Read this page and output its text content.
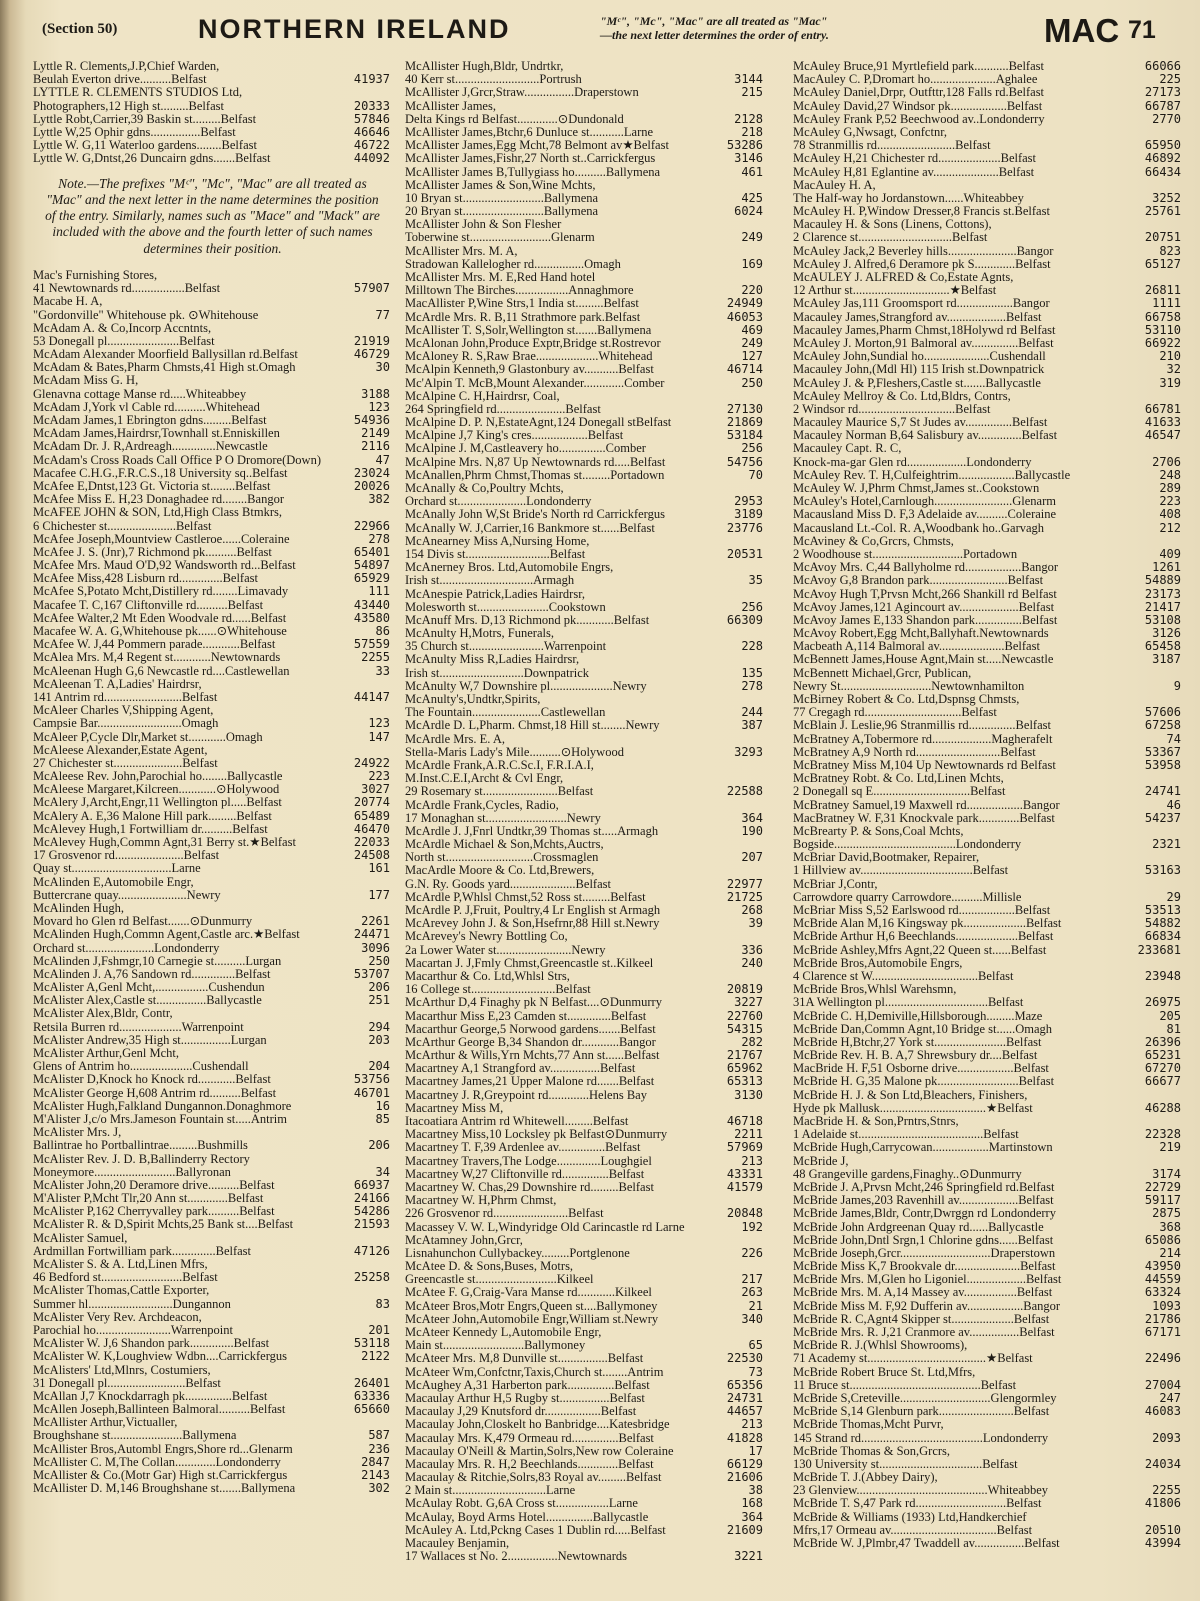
(Section 50)	NORTHERN IRELAND	"Mᶜ", "Mc", "Mac" are all treated as "Mac"
—the next letter determines the order of entry.	MAC 71
Lyttle R. Clements,J.P,Chief Warden,
Beulah Everton drive..........Belfast	41937
LYTTLE R. CLEMENTS STUDIOS Ltd,
Photographers,12 High st.........Belfast	20333
Lyttle Robt,Carrier,39 Baskin st.........Belfast	57846
Lyttle W,25 Ophir gdns................Belfast	46646
Lyttle W. G,11 Waterloo gardens........Belfast	46722
Lyttle W. G,Dntst,26 Duncairn gdns.......Belfast	44092
Note.—The prefixes "Mᶜ", "Mc", "Mac" are all treated as "Mac" and the next letter in the name determines the position of the entry. Similarly, names such as "Mace" and "Mack" are included with the above and the fourth letter of such names determines their position.
Mac's Furnishing Stores,
41 Newtownards rd.................Belfast	57907
Macabe H. A,
"Gordonville" Whitehouse pk. ⊙Whitehouse	77
McAdam A. & Co,Incorp Accntnts,
53 Donegall pl.......................Belfast	21919
McAdam Alexander Moorfield Ballysillan rd.Belfast	46729
McAdam & Bates,Pharm Chmsts,41 High st.Omagh	30
McAdam Miss G. H,
Glenavna cottage Manse rd.....Whiteabbey	3188
McAdam J,York vl Cable rd..........Whitehead	123
McAdam James,1 Ebrington gdns.........Belfast	54936
McAdam James,Hairdrsr,Townhall st.Enniskillen	2149
McAdam Dr. J. R,Ardreagh..............Newcastle	2116
McAdam's Cross Roads Call Office P O Dromore(Down)	47
Macafee C.H.G.,F.R.C.S.,18 University sq..Belfast	23024
McAfee E,Dntst,123 Gt. Victoria st........Belfast	20026
McAfee Miss E. H,23 Donaghadee rd........Bangor	382
McAFEE JOHN & SON, Ltd,High Class Btmkrs,
6 Chichester st......................Belfast	22966
McAfee Joseph,Mountview Castleroe......Coleraine	278
McAfee J. S. (Jnr),7 Richmond pk..........Belfast	65401
McAfee Mrs. Maud O'D,92 Wandsworth rd...Belfast	54897
McAfee Miss,428 Lisburn rd..............Belfast	65929
McAfee S,Potato Mcht,Distillery rd........Limavady	111
Macafee T. C,167 Cliftonville rd..........Belfast	43440
McAfee Walter,2 Mt Eden Woodvale rd......Belfast	43580
Macafee W. A. G,Whitehouse pk......⊙Whitehouse	86
McAfee W. J,44 Pommern parade............Belfast	57559
McAlea Mrs. M,4 Regent st............Newtownards	2255
McAleenan Hugh G,6 Newcastle rd....Castlewellan	33
McAleenan T. A,Ladies' Hairdrsr,
141 Antrim rd.........................Belfast	44147
McAleer Charles V,Shipping Agent,
Campsie Bar...........................Omagh	123
McAleer P,Cycle Dlr,Market st............Omagh	147
McAleese Alexander,Estate Agent,
27 Chichester st......................Belfast	24922
McAleese Rev. John,Parochial ho........Ballycastle	223
McAleese Margaret,Kilcreen............⊙Holywood	3027
McAlery J,Archt,Engr,11 Wellington pl.....Belfast	20774
McAlery A. E,36 Malone Hill park.........Belfast	65489
McAlevey Hugh,1 Fortwilliam dr..........Belfast	46470
McAlevey Hugh,Commn Agnt,31 Berry st.★Belfast	22033
17 Grosvenor rd......................Belfast	24508
Quay st................................Larne	161
McAlinden E,Automobile Engr,
Buttercrane quay......................Newry	177
McAlinden Hugh,
Movard ho Glen rd Belfast.......⊙Dunmurry	2261
McAlinden Hugh,Commn Agent,Castle arc.★Belfast	24471
Orchard st......................Londonderry	3096
McAlinden J,Fshmgr,10 Carnegie st..........Lurgan	250
McAlinden J. A,76 Sandown rd..............Belfast	53707
McAlister A,Genl Mcht,.................Cushendun	206
McAlister Alex,Castle st................Ballycastle	251
McAlister Alex,Bldr, Contr,
Retsila Burren rd....................Warrenpoint	294
McAlister Andrew,35 High st................Lurgan	203
McAlister Arthur,Genl Mcht,
Glens of Antrim ho....................Cushendall	204
McAlister D,Knock ho Knock rd............Belfast	53756
McAlister George H,608 Antrim rd..........Belfast	46701
McAlister Hugh,Falkland Dungannon.Donaghmore	16
M'Alister J,c/o Mrs.Jameson Fountain st.....Antrim	85
McAlister Mrs. J,
Ballintrae ho Portballintrae.........Bushmills	206
McAlister Rev. J. D. B,Ballinderry Rectory
Moneymore..........................Ballyronan	34
McAlister John,20 Deramore drive..........Belfast	66937
M'Alister P,Mcht Tlr,20 Ann st.............Belfast	24166
McAlister P,162 Cherryvalley park..........Belfast	54286
McAlister R. & D,Spirit Mchts,25 Bank st....Belfast	21593
McAlister Samuel,
Ardmillan Fortwilliam park..............Belfast	47126
McAlister S. & A. Ltd,Linen Mfrs,
46 Bedford st..........................Belfast	25258
McAlister Thomas,Cattle Exporter,
Summer hl...........................Dungannon	83
McAlister Very Rev. Archdeacon,
Parochial ho........................Warrenpoint	201
McAlister W. J,6 Shandon park..............Belfast	53118
McAlister W. K,Loughview Wdbn....Carrickfergus	2122
McAlisters' Ltd,Mlnrs, Costumiers,
31 Donegall pl.........................Belfast	26401
McAllan J,7 Knockdarragh pk...............Belfast	63336
McAllen Joseph,Ballinteen Balmoral..........Belfast	65660
McAllister Arthur,Victualler,
Broughshane st.......................Ballymena	587
McAllister Bros,Autombl Engrs,Shore rd...Glenarm	236
McAllister C. M,The Collan.............Londonderry	2847
McAllister & Co.(Motr Gar) High st.Carrickfergus	2143
McAllister D. M,146 Broughshane st.......Ballymena	302
McAllister Hugh,Bldr, Undrtkr,
40 Kerr st...........................Portrush	3144
McAllister J,Grcr,Straw................Draperstown	215
McAllister James,
Delta Kings rd Belfast.............⊙Dundonald	2128
McAllister James,Btchr,6 Dunluce st...........Larne	218
McAllister James,Egg Mcht,78 Belmont av★Belfast	53286
McAllister James,Fishr,27 North st..Carrickfergus	3146
McAllister James B,Tullygiass ho..........Ballymena	461
McAllister James & Son,Wine Mchts,
10 Bryan st..........................Ballymena	425
20 Bryan st..........................Ballymena	6024
McAllister John & Son Flesher
Toberwine st..........................Glenarm	249
McAllister Mrs. M. A,
Stradowan Kallelogher rd................Omagh	169
McAllister Mrs. M. E,Red Hand hotel
Milltown The Birches.................Annaghmore	220
MacAllister P,Wine Strs,1 India st.........Belfast	24949
McArdle Mrs. R. B,11 Strathmore park.Belfast	46053
McAllister T. S,Solr,Wellington st.......Ballymena	469
McAlonan John,Produce Exptr,Bridge st.Rostrevor	249
McAloney R. S,Raw Brae....................Whitehead	127
McAlpin Kenneth,9 Glastonbury av...........Belfast	46714
Mc'Alpin T. McB,Mount Alexander.............Comber	250
McAlpine C. H,Hairdrsr, Coal,
264 Springfield rd......................Belfast	27130
McAlpine D. P. N,EstateAgnt,124 Donegall stBelfast	21869
McAlpine J,7 King's cres..................Belfast	53184
McAlpine J. M,Castleavery ho...............Comber	256
McAlpine Mrs. N,87 Up Newtownards rd.....Belfast	54756
McAnallen,Phrm Chmst,Thomas st.........Portadown	70
McAnally & Co,Poultry Mchts,
Orchard st......................Londonderry	2953
McAnally John W,St Bride's North rd Carrickfergus	3189
McAnally W. J,Carrier,16 Bankmore st......Belfast	23776
McAnearney Miss A,Nursing Home,
154 Divis st...........................Belfast	20531
McAnerney Bros. Ltd,Automobile Engrs,
Irish st..............................Armagh	35
McAnespie Patrick,Ladies Hairdrsr,
Molesworth st.......................Cookstown	256
McAnuff Mrs. D,13 Richmond pk............Belfast	66309
McAnulty H,Motrs, Funerals,
35 Church st........................Warrenpoint	228
McAnulty Miss R,Ladies Hairdrsr,
Irish st...........................Downpatrick	135
McAnulty W,7 Downshire pl....................Newry	278
McAnulty's,Undtkr,Spirits,
The Fountain......................Castlewellan	244
McArdle D. L,Pharm. Chmst,18 Hill st........Newry	387
McArdle Mrs. E. A,
Stella-Maris Lady's Mile..........⊙Holywood	3293
McArdle Frank,A.R.C.Sc.I, F.R.I.A.I,
M.Inst.C.E.I,Archt & Cvl Engr,
29 Rosemary st........................Belfast	22588
McArdle Frank,Cycles, Radio,
17 Monaghan st..........................Newry	364
McArdle J. J,Fnrl Undtkr,39 Thomas st.....Armagh	190
McArdle Michael & Son,Mchts,Auctrs,
North st............................Crossmaglen	207
MacArdle Moore & Co. Ltd,Brewers,
G.N. Ry. Goods yard.....................Belfast	22977
McArdle P,Whlsl Chmst,52 Ross st.........Belfast	21725
McArdle P. J,Fruit, Poultry,4 Lr English st Armagh	268
McArevey John J. & Son,Hsefrnr,88 Hill st.Newry	39
McArevey's Newry Bottling Co,
2a Lower Water st........................Newry	336
Macartan J. J,Fmly Chmst,Greencastle st..Kilkeel	240
Macarthur & Co. Ltd,Whlsl Strs,
16 College st...........................Belfast	20819
McArthur D,4 Finaghy pk N Belfast....⊙Dunmurry	3227
Macarthur Miss E,23 Camden st..............Belfast	22760
Macarthur George,5 Norwood gardens.......Belfast	54315
McArthur George B,34 Shandon dr............Bangor	282
McArthur & Wills,Yrn Mchts,77 Ann st......Belfast	21767
Macartney A,1 Strangford av................Belfast	65962
Macartney James,21 Upper Malone rd.......Belfast	65313
Macartney J. R,Greypoint rd.............Helens Bay	3130
Macartney Miss M,
Itacoatiara Antrim rd Whitewell.........Belfast	46718
Macartney Miss,10 Locksley pk Belfast⊙Dunmurry	2211
Macartney T. F,39 Ardenlee av...............Belfast	57969
Macartney Travers,The Lodge..............Loughgiel	213
Macartney W,27 Cliftonville rd...............Belfast	43331
Macartney W. Chas,29 Downshire rd.........Belfast	41579
Macartney W. H,Phrm Chmst,
226 Grosvenor rd........................Belfast	20848
Macassey V. W. L,Windyridge Old Carincastle rd Larne	192
McAtamney John,Grcr,
Lisnahunchon Cullybackey.........Portglenone	226
McAtee D. & Sons,Buses, Motrs,
Greencastle st..........................Kilkeel	217
McAtee F. G,Craig-Vara Manse rd............Kilkeel	263
McAteer Bros,Motr Engrs,Queen st....Ballymoney	21
McAteer John,Automobile Engr,William st.Newry	340
McAteer Kennedy L,Automobile Engr,
Main st..........................Ballymoney	65
McAteer Mrs. M,8 Dunville st................Belfast	22530
McAteer Wm,Confctnr,Taxis,Church st........Antrim	73
McAughey A,31 Harberton park...............Belfast	65356
Macaulay Arthur H,5 Rugby st................Belfast	24731
Macaulay J,29 Knutsford dr..................Belfast	44657
Macaulay John,Closkelt ho Banbridge....Katesbridge	213
Macaulay Mrs. K,479 Ormeau rd...............Belfast	41828
Macaulay O'Neill & Martin,Solrs,New row Coleraine	17
Macaulay Mrs. R. H,2 Beechlands.............Belfast	66129
Macaulay & Ritchie,Solrs,83 Royal av.........Belfast	21606
2 Main st..............................Larne	38
McAulay Robt. G,6A Cross st.................Larne	168
McAulay, Boyd Arms Hotel...............Ballycastle	364
McAuley A. Ltd,Pckng Cases 1 Dublin rd.....Belfast	21609
Macauley Benjamin,
17 Wallaces st No. 2................Newtownards	3221
McAuley Bruce,91 Myrtlefield park...........Belfast	66066
MacAuley C. P,Dromart ho.....................Aghalee	225
McAuley Daniel,Drpr, Outfttr,128 Falls rd.Belfast	27173
McAuley David,27 Windsor pk..................Belfast	66787
McAuley Frank P,52 Beechwood av..Londonderry	2770
McAuley G,Nwsagt, Confctnr,
78 Stranmillis rd.........................Belfast	65950
McAuley H,21 Chichester rd....................Belfast	46892
McAuley H,81 Eglantine av.....................Belfast	66434
MacAuley H. A,
The Half-way ho Jordanstown......Whiteabbey	3252
McAuley H. P,Window Dresser,8 Francis st.Belfast	25761
Macauley H. & Sons (Linens, Cottons),
2 Clarence st..............................Belfast	20751
McAuley Jack,2 Beverley hills......................Bangor	823
McAuley J. Alfred,6 Deramore pk S.............Belfast	65127
McAULEY J. ALFRED & Co,Estate Agnts,
12 Arthur st...............................★Belfast	26811
McAuley Jas,111 Groomsport rd..................Bangor	1111
Macauley James,Strangford av...................Belfast	66758
Macauley James,Pharm Chmst,18Holywd rd Belfast	53110
McAuley J. Morton,91 Balmoral av...............Belfast	66922
McAuley John,Sundial ho.....................Cushendall	210
Macauley John,(Mdl Hl) 115 Irish st.Downpatrick	32
McAuley J. & P,Fleshers,Castle st.......Ballycastle	319
McAuley Mellroy & Co. Ltd,Bldrs, Contrs,
2 Windsor rd...............................Belfast	66781
Macauley Maurice S,7 St Judes av...............Belfast	41633
Macauley Norman B,64 Salisbury av..............Belfast	46547
Macauley Capt. R. C,
Knock-ma-gar Glen rd...................Londonderry	2706
McAuley Rev. T. H,Culfeightrim..................Ballycastle	248
McAuley W. J,Phrm Chmst,James st..Cookstown	289
McAuley's Hotel,Carnlough.........................Glenarm	223
Macausland Miss D. F,3 Adelaide av..........Coleraine	408
Macausland Lt.-Col. R. A,Woodbank ho..Garvagh	212
McAviney & Co,Grcrs, Chmsts,
2 Woodhouse st.............................Portadown	409
McAvoy Mrs. C,44 Ballyholme rd..................Bangor	1261
McAvoy G,8 Brandon park.........................Belfast	54889
McAvoy Hugh T,Prvsn Mcht,266 Shankill rd Belfast	23173
McAvoy James,121 Agincourt av...................Belfast	21417
McAvoy James E,133 Shandon park...............Belfast	53108
McAvoy Robert,Egg Mcht,Ballyhaft.Newtownards	3126
Macbeath A,114 Balmoral av.....................Belfast	65458
McBennett James,House Agnt,Main st.....Newcastle	3187
McBennett Michael,Grcr, Publican,
Newry St.............................Newtownhamilton	9
McBirney Robert & Co. Ltd,Dspnsg Chmsts,
77 Cregagh rd...............................Belfast	57606
McBlain J. Leslie,96 Stranmillis rd...............Belfast	67258
McBratney A,Tobermore rd...................Magherafelt	74
McBratney A,9 North rd...........................Belfast	53367
McBratney Miss M,104 Up Newtownards rd Belfast	53958
McBratney Robt. & Co. Ltd,Linen Mchts,
2 Donegall sq E...............................Belfast	24741
McBratney Samuel,19 Maxwell rd..................Bangor	46
MacBratney W. F,31 Knockvale park.............Belfast	54237
McBrearty P. & Sons,Coal Mchts,
Bogside.......................................Londonderry	2321
McBriar David,Bootmaker, Repairer,
1 Hillview av....................................Belfast	53163
McBriar J,Contr,
Carrowdore quarry Carrowdore..........Millisle	29
McBriar Miss S,52 Earlswood rd..................Belfast	53513
McBride Alan M,16 Kingsway pk....................Belfast	54882
McBride Arthur H,6 Beechlands....................Belfast	66834
McBride Ashley,Mfrs Agnt,22 Queen st......Belfast	233681
McBride Bros,Automobile Engrs,
4 Clarence st W..................................Belfast	23948
McBride Bros,Whlsl Warehsmn,
31A Wellington pl.................................Belfast	26975
McBride C. H,Demiville,Hillsborough.........Maze	205
McBride Dan,Commn Agnt,10 Bridge st......Omagh	81
McBride H,Btchr,27 York st.......................Belfast	26396
McBride Rev. H. B. A,7 Shrewsbury dr....Belfast	65231
MacBride H. F,51 Osborne drive..................Belfast	67270
McBride H. G,35 Malone pk..........................Belfast	66677
McBride H. J. & Son Ltd,Bleachers, Finishers,
Hyde pk Mallusk..................................★Belfast	46288
MacBride H. & Son,Prntrs,Stnrs,
1 Adelaide st........................................Belfast	22328
McBride Hugh,Carrycowan..................Martinstown	219
McBride J,
48 Grangeville gardens,Finaghy..⊙Dunmurry	3174
McBride J. A,Prvsn Mcht,246 Springfield rd.Belfast	22729
McBride James,203 Ravenhill av...................Belfast	59117
McBride James,Bldr, Contr,Dwrggn rd Londonderry	2875
McBride John Ardgreenan Quay rd......Ballycastle	368
McBride John,Dntl Srgn,1 Chlorine gdns......Belfast	65086
McBride Joseph,Grcr.............................Draperstown	214
McBride Miss K,7 Brookvale dr.....................Belfast	43950
McBride Mrs. M,Glen ho Ligoniel...................Belfast	44559
McBride Mrs. M. A,14 Massey av.................Belfast	63324
McBride Miss M. F,92 Dufferin av..................Bangor	1093
McBride R. C,Agnt4 Skipper st....................Belfast	21786
McBride Mrs. R. J,21 Cranmore av................Belfast	67171
McBride R. J.(Whlsl Showrooms),
71 Academy st......................................★Belfast	22496
McBride Robert Bruce St. Ltd,Mfrs,
11 Bruce st..........................................Belfast	27004
McBride S,Creteville.............................Glengormley	247
McBride S,14 Glenburn park........................Belfast	46083
McBride Thomas,Mcht Purvr,
145 Strand rd.......................................Londonderry	2093
McBride Thomas & Son,Grcrs,
130 University st.................................Belfast	24034
McBride T. J.(Abbey Dairy),
23 Glenview..........................................Whiteabbey	2255
McBride T. S,47 Park rd.............................Belfast	41806
McBride & Williams (1933) Ltd,Handkerchief
Mfrs,17 Ormeau av..................................Belfast	20510
McBride W. J,Plmbr,47 Twaddell av................Belfast	43994
